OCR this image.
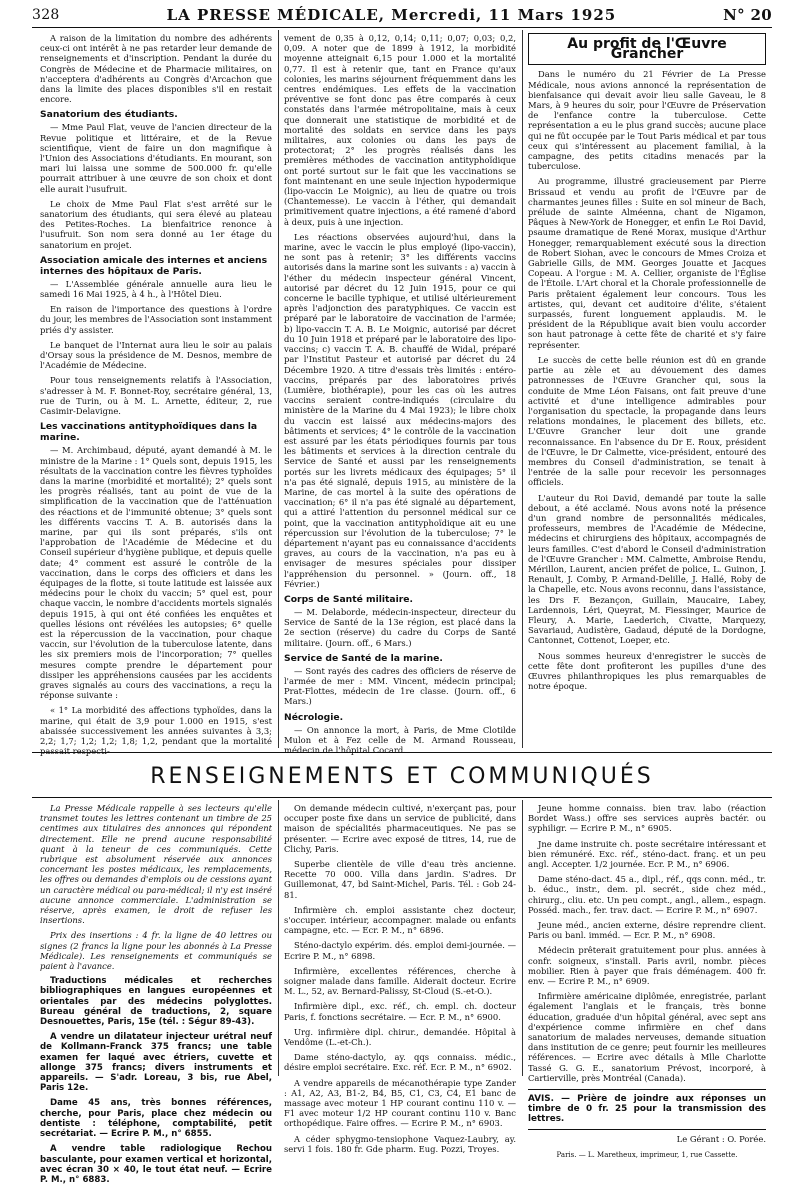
328	LA PRESSE MÉDICALE, Mercredi, 11 Mars 1925	N° 20

A raison de la limitation du nombre des adhérents ceux-ci ont intérêt à ne pas retarder leur demande de renseignements et d'inscription. Pendant la durée du Congrès de Médecine et de Pharmacie militaires, on n'acceptera d'adhérents au Congrès d'Arcachon que dans la limite des places disponibles s'il en restait encore.

Sanatorium des étudiants.

— Mme Paul Flat, veuve de l'ancien directeur de la Revue politique et littéraire, et de la Revue scientifique, vient de faire un don magnifique à l'Union des Associations d'étudiants. En mourant, son mari lui laissa une somme de 500.000 fr. qu'elle pourrait attribuer à une œuvre de son choix et dont elle aurait l'usufruit.

Le choix de Mme Paul Flat s'est arrêté sur le sanatorium des étudiants, qui sera élevé au plateau des Petites-Roches. La bienfaitrice renonce à l'usufruit. Son nom sera donné au 1er étage du sanatorium en projet.

Association amicale des internes et anciens internes des hôpitaux de Paris.

— L'Assemblée générale annuelle aura lieu le samedi 16 Mai 1925, à 4 h., à l'Hôtel Dieu.

En raison de l'importance des questions à l'ordre du jour, les membres de l'Association sont instamment priés d'y assister.

Le banquet de l'Internat aura lieu le soir au palais d'Orsay sous la présidence de M. Desnos, membre de l'Académie de Médecine.

Pour tous renseignements relatifs à l'Association, s'adresser à M. F. Bonnet-Roy, secrétaire général, 13, rue de Turin, ou à M. L. Arnette, éditeur, 2, rue Casimir-Delavigne.

Les vaccinations antityphoïdiques dans la marine.

— M. Archimbaud, député, ayant demandé à M. le ministre de la Marine : 1° Quels sont, depuis 1915, les résultats de la vaccination contre les fièvres typhoïdes dans la marine (morbidité et mortalité); 2° quels sont les progrès réalisés, tant au point de vue de la simplification de la vaccination que de l'atténuation des réactions et de l'immunité obtenue; 3° quels sont les différents vaccins T. A. B. autorisés dans la marine, par qui ils sont préparés, s'ils ont l'approbation de l'Académie de Médecine et du Conseil supérieur d'hygiène publique, et depuis quelle date; 4° comment est assuré le contrôle de la vaccination, dans le corps des officiers et dans les équipages de la flotte, si toute latitude est laissée aux médecins pour le choix du vaccin; 5° quel est, pour chaque vaccin, le nombre d'accidents mortels signalés depuis 1915, à qui ont été confiées les enquêtes et quelles lésions ont révélées les autopsies; 6° quelle est la répercussion de la vaccination, pour chaque vaccin, sur l'évolution de la tuberculose latente, dans les six premiers mois de l'incorporation; 7° quelles mesures compte prendre le département pour dissiper les appréhensions causées par les accidents graves signalés au cours des vaccinations, a reçu la réponse suivante :

« 1° La morbidité des affections typhoïdes, dans la marine, qui était de 3,9 pour 1.000 en 1915, s'est abaissée successivement les années suivantes à 3,3; 2,2; 1,7; 1,2; 1,2; 1,8; 1,2, pendant que la mortalité passait respecti-

vement de 0,35 à 0,12, 0,14; 0,11; 0,07; 0,03; 0,2, 0,09. A noter que de 1899 à 1912, la morbidité moyenne atteignait 6,15 pour 1.000 et la mortalité 0,77. Il est à retenir que, tant en France qu'aux colonies, les marins séjournent fréquemment dans les centres endémiques. Les effets de la vaccination préventive se font donc pas être comparés à ceux constatés dans l'armée métropolitaine, mais à ceux que donnerait une statistique de morbidité et de mortalité des soldats en service dans les pays militaires, aux colonies ou dans les pays de protectorat; 2° les progrès réalisés dans les premières méthodes de vaccination antityphoïdique ont porté surtout sur le fait que les vaccinations se font maintenant en une seule injection hypodermique (lipo-vaccin Le Moignic), au lieu de quatre ou trois (Chantemesse). Le vaccin à l'éther, qui demandait primitivement quatre injections, a été ramené d'abord à deux, puis à une injection.

Les réactions observées aujourd'hui, dans la marine, avec le vaccin le plus employé (lipo-vaccin), ne sont pas à retenir; 3° les différents vaccins autorisés dans la marine sont les suivants : a) vaccin à l'éther du médecin inspecteur général Vincent, autorisé par décret du 12 Juin 1915, pour ce qui concerne le bacille typhique, et utilisé ultérieurement après l'adjonction des paratyphiques. Ce vaccin est préparé par le laboratoire de vaccination de l'armée; b) lipo-vaccin T. A. B. Le Moignic, autorisé par décret du 10 Juin 1918 et préparé par le laboratoire des lipo-vaccins; c) vaccin T. A. B. chauffé de Widal, préparé par l'Institut Pasteur et autorisé par décret du 24 Décembre 1920. A titre d'essais très limités : entéro-vaccins, préparés par des laboratoires privés (Lumière, biothérapie), pour les cas où les autres vaccins seraient contre-indiqués (circulaire du ministère de la Marine du 4 Mai 1923); le libre choix du vaccin est laissé aux médecins-majors des bâtiments et services; 4° le contrôle de la vaccination est assuré par les états périodiques fournis par tous les bâtiments et services à la direction centrale du Service de Santé et aussi par les renseignements portés sur les livrets médicaux des équipages; 5° il n'a pas été signalé, depuis 1915, au ministère de la Marine, de cas mortel à la suite des opérations de vaccination; 6° il n'a pas été signalé au département, qui a attiré l'attention du personnel médical sur ce point, que la vaccination antityphoïdique ait eu une répercussion sur l'évolution de la tuberculose; 7° le département n'ayant pas eu connaissance d'accidents graves, au cours de la vaccination, n'a pas eu à envisager de mesures spéciales pour dissiper l'appréhension du personnel. » (Journ. off., 18 Février.)

Corps de Santé militaire.

— M. Delaborde, médecin-inspecteur, directeur du Service de Santé de la 13e région, est placé dans la 2e section (réserve) du cadre du Corps de Santé militaire. (Journ. off., 6 Mars.)

Service de Santé de la marine.

— Sont rayés des cadres des officiers de réserve de l'armée de mer : MM. Vincent, médecin principal; Prat-Flottes, médecin de 1re classe. (Journ. off., 6 Mars.)

Nécrologie.

— On annonce la mort, à Paris, de Mme Clotilde Mulon et à Fez celle de M. Armand Rousseau, médecin de l'hôpital Cocard.

Au profit de l'Œuvre Grancher

Dans le numéro du 21 Février de La Presse Médicale, nous avions annoncé la représentation de bienfaisance qui devait avoir lieu salle Gaveau, le 8 Mars, à 9 heures du soir, pour l'Œuvre de Préservation de l'enfance contre la tuberculose. Cette représentation a eu le plus grand succès; aucune place qui ne fût occupée par le Tout Paris médical et par tous ceux qui s'intéressent au placement familial, à la campagne, des petits citadins menacés par la tuberculose.

Au programme, illustré gracieusement par Pierre Brissaud et vendu au profit de l'Œuvre par de charmantes jeunes filles : Suite en sol mineur de Bach, prélude de sainte Alméenna, chant de Nigamon, Pâques à New-York de Honegger, et enfin Le Roi David, psaume dramatique de René Morax, musique d'Arthur Honegger, remarquablement exécuté sous la direction de Robert Siohan, avec le concours de Mmes Croiza et Gabrielle Gills, de MM. Georges Jouatte et Jacques Copeau. A l'orgue : M. A. Cellier, organiste de l'Église de l'Étoile. L'Art choral et la Chorale professionnelle de Paris prêtaient également leur concours. Tous les artistes, qui, devant cet auditoire d'élite, s'étaient surpassés, furent longuement applaudis. M. le président de la République avait bien voulu accorder son haut patronage à cette fête de charité et s'y faire représenter.

Le succès de cette belle réunion est dû en grande partie au zèle et au dévouement des dames patronnesses de l'Œuvre Grancher qui, sous la conduite de Mme Léon Faisans, ont fait preuve d'une activité et d'une intelligence admirables pour l'organisation du spectacle, la propagande dans leurs relations mondaines, le placement des billets, etc. L'Œuvre Grancher leur doit une grande reconnaissance. En l'absence du Dr E. Roux, président de l'Œuvre, le Dr Calmette, vice-président, entouré des membres du Conseil d'administration, se tenait à l'entrée de la salle pour recevoir les personnages officiels.

L'auteur du Roi David, demandé par toute la salle debout, a été acclamé. Nous avons noté la présence d'un grand nombre de personnalités médicales, professeurs, membres de l'Académie de Médecine, médecins et chirurgiens des hôpitaux, accompagnés de leurs familles. C'est d'abord le Conseil d'administration de l'Œuvre Grancher : MM. Calmette, Ambroise Rendu, Mérillon, Laurent, ancien préfet de police, L. Guinon, J. Renault, J. Comby, P. Armand-Delille, J. Hallé, Roby de la Chapelle, etc. Nous avons reconnu, dans l'assistance, les Drs F. Bezançon, Guillain, Maucaire, Labey, Lardennois, Léri, Queyrat, M. Fiessinger, Maurice de Fleury, A. Marie, Laederich, Civatte, Marquezy, Savariaud, Audistère, Gadaud, député de la Dordogne, Cantonnet, Cottenot, Loeper, etc.

Nous sommes heureux d'enregistrer le succès de cette fête dont profiteront les pupilles d'une des Œuvres philanthropiques les plus remarquables de notre époque.

RENSEIGNEMENTS ET COMMUNIQUÉS

La Presse Médicale rappelle à ses lecteurs qu'elle transmet toutes les lettres contenant un timbre de 25 centimes aux titulaires des annonces qui répondent directement. Elle ne prend aucune responsabilité quant à la teneur de ces communiqués. Cette rubrique est absolument réservée aux annonces concernant les postes médicaux, les remplacements, les offres ou demandes d'emplois ou de cessions ayant un caractère médical ou para-médical; il n'y est inséré aucune annonce commerciale. L'administration se réserve, après examen, le droit de refuser les insertions.

Prix des insertions : 4 fr. la ligne de 40 lettres ou signes (2 francs la ligne pour les abonnés à La Presse Médicale). Les renseignements et communiqués se paient à l'avance.

Traductions médicales et recherches bibliographiques en langues européennes et orientales par des médecins polyglottes. Bureau général de traductions, 2, square Desnouettes, Paris, 15e (tél. : Ségur 89-43).

A vendre un dilatateur injecteur urétral neuf de Kollmann-Franck 375 francs; une table examen fer laqué avec étriers, cuvette et allonge 375 francs; divers instruments et appareils. — S'adr. Loreau, 3 bis, rue Abel, Paris 12e.

Dame 45 ans, très bonnes références, cherche, pour Paris, place chez médecin ou dentiste : téléphone, comptabilité, petit secrétariat. — Ecrire P. M., n° 6855.

A vendre table radiologique Rechou basculante, pour examen vertical et horizontal, avec écran 30 × 40, le tout état neuf. — Ecrire P. M., n° 6883.

On demande médecin cultivé, n'exerçant pas, pour occuper poste fixe dans un service de publicité, dans maison de spécialités pharmaceutiques. Ne pas se présenter. — Ecrire avec exposé de titres, 14, rue de Clichy, Paris.

Superbe clientèle de ville d'eau très ancienne. Recette 70 000. Villa dans jardin. S'adres. Dr Guillemonat, 47, bd Saint-Michel, Paris. Tél. : Gob 24-81.

Infirmière ch. emploi assistante chez docteur, s'occuper. intérieur, accompagner. malade ou enfants campagne, etc. — Ecr. P. M., n° 6896.

Sténo-dactylo expérim. dés. emploi demi-journée. — Ecrire P. M., n° 6898.

Infirmière, excellentes références, cherche à soigner malade dans famille. Aiderait docteur. Ecrire M. L., 52, av. Bernard-Palissy, St-Cloud (S.-et-O.).

Infirmière dipl., exc. réf., ch. empl. ch. docteur Paris, f. fonctions secrétaire. — Ecr. P. M., n° 6900.

Urg. infirmière dipl. chirur., demandée. Hôpital à Vendôme (L.-et-Ch.).

Dame sténo-dactylo, ay. qqs connaiss. médic., désire emploi secrétaire. Exc. réf. Ecr. P. M., n° 6902.

A vendre appareils de mécanothérapie type Zander : A1, A2, A3, B1-2, B4, B5, C1, C3, C4, E1 banc de massage avec moteur 1 HP courant continu 110 v. — F1 avec moteur 1/2 HP courant continu 110 v. Banc orthopédique. Faire offres. — Ecrire P. M., n° 6903.

A céder sphygmo-tensiophone Vaquez-Laubry, ay. servi 1 fois. 180 fr. Gde pharm. Eug. Pozzi, Troyes.

Jeune homme connaiss. bien trav. labo (réaction Bordet Wass.) offre ses services auprès bactér. ou syphiligr. — Ecrire P. M., n° 6905.

Jne dame instruite ch. poste secrétaire intéressant et bien rémunéré. Exc. réf., sténo-dact. franç. et un peu angl. Accepter. 1/2 journée. Ecr. P. M., n° 6906.

Dame sténo-dact. 45 a., dipl., réf., qqs conn. méd., tr. b. éduc., instr., dem. pl. secrét., side chez méd., chirurg., cliu. etc. Un peu compt., angl., allem., espagn. Posséd. mach., fer. trav. dact. — Ecrire P. M., n° 6907.

Jeune méd., ancien externe, désire reprendre client. Paris ou banl. imméd. — Ecr. P. M., n° 6908.

Médecin prêterait gratuitement pour plus. années à confr. soigneux, s'install. Paris avril, nombr. pièces mobilier. Rien à payer que frais déménagem. 400 fr. env. — Ecrire P. M., n° 6909.

Infirmière américaine diplômée, enregistrée, parlant également l'anglais et le français, très bonne éducation, graduée d'un hôpital général, avec sept ans d'expérience comme infirmière en chef dans sanatorium de malades nerveuses, demande situation dans institution de ce genre; peut fournir les meilleures références. — Ecrire avec détails à Mlle Charlotte Tassé G. G. E., sanatorium Prévost, incorporé, à Cartierville, près Montréal (Canada).

AVIS. — Prière de joindre aux réponses un timbre de 0 fr. 25 pour la transmission des lettres.
Le Gérant : O. Porée.
Paris. — L. Maretheux, imprimeur, 1, rue Cassette.
